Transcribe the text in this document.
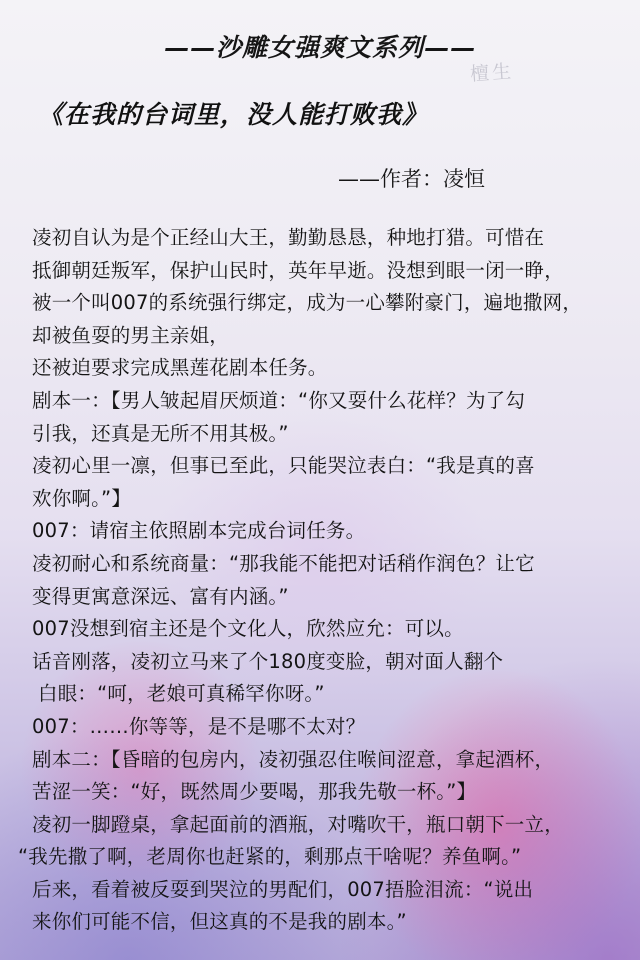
檀生
——沙雕女强爽文系列——
《在我的台词里，没人能打败我》
——作者：凌恒
凌初自认为是个正经山大王，勤勤恳恳，种地打猎。可惜在
抵御朝廷叛军，保护山民时，英年早逝。没想到眼一闭一睁，
被一个叫007的系统强行绑定，成为一心攀附豪门，遍地撒网，
却被鱼耍的男主亲姐，
还被迫要求完成黑莲花剧本任务。
剧本一：【男人皱起眉厌烦道：“你又耍什么花样？为了勾
引我，还真是无所不用其极。”
凌初心里一凛，但事已至此，只能哭泣表白：“我是真的喜
欢你啊。”】
007：请宿主依照剧本完成台词任务。
凌初耐心和系统商量：“那我能不能把对话稍作润色？让它
变得更寓意深远、富有内涵。”
007没想到宿主还是个文化人，欣然应允：可以。
话音刚落，凌初立马来了个180度变脸，朝对面人翻个
白眼：“呵，老娘可真稀罕你呀。”
007：……你等等，是不是哪不太对？
剧本二：【昏暗的包房内，凌初强忍住喉间涩意，拿起酒杯，
苦涩一笑：“好，既然周少要喝，那我先敬一杯。”】
凌初一脚蹬桌，拿起面前的酒瓶，对嘴吹干，瓶口朝下一立，
“我先撒了啊，老周你也赶紧的，剩那点干啥呢？养鱼啊。”
后来，看着被反耍到哭泣的男配们，007捂脸泪流：“说出
来你们可能不信，但这真的不是我的剧本。”
